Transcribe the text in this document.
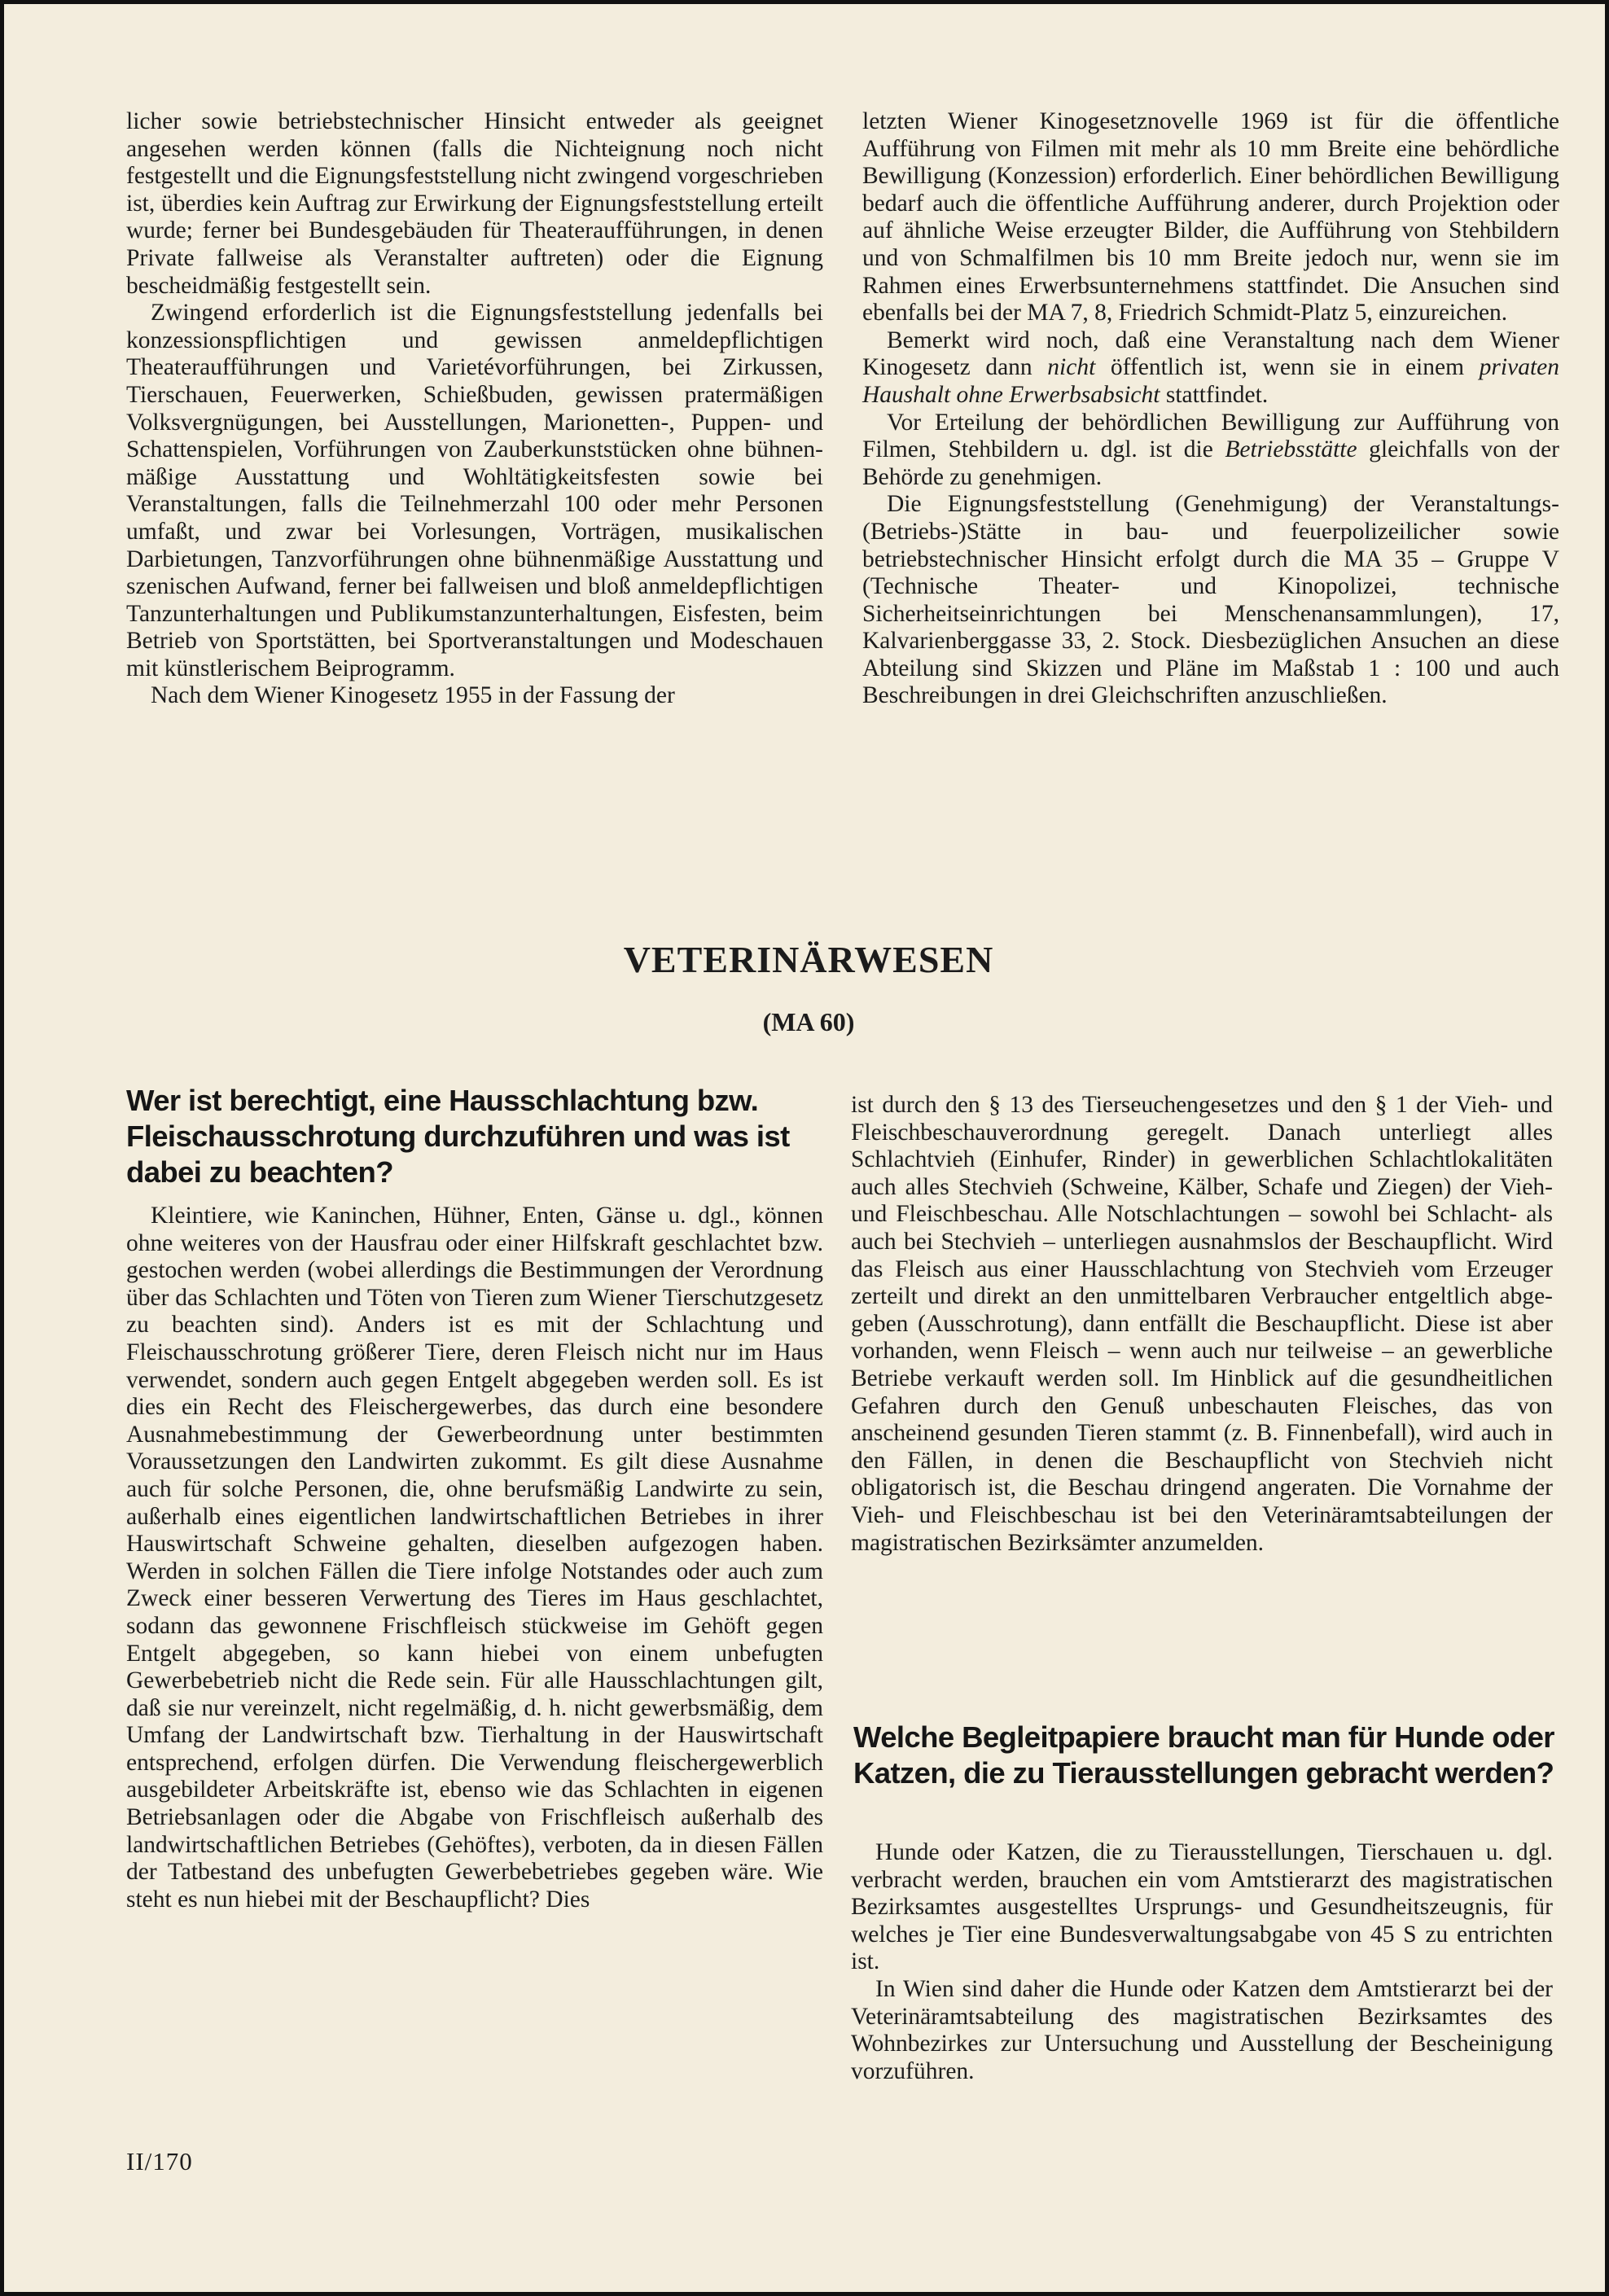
licher sowie betriebstechnischer Hinsicht entweder als geeignet angesehen werden können (falls die Nichteignung noch nicht festgestellt und die Eignungsfeststellung nicht zwingend vorgeschrieben ist, überdies kein Auftrag zur Erwirkung der Eignungsfeststellung erteilt wurde; ferner bei Bundesgebäuden für Theateraufführungen, in denen Private fallweise als Veranstalter auftreten) oder die Eignung bescheidmäßig festgestellt sein.

Zwingend erforderlich ist die Eignungsfeststellung jedenfalls bei konzessionspflichtigen und gewissen anmeldepflichtigen Theateraufführungen und Varietévorführungen, bei Zirkussen, Tierschauen, Feuerwerken, Schießbuden, gewissen pratermäßigen Volksvergnügungen, bei Ausstellungen, Marionetten-, Puppen- und Schattenspielen, Vorführungen von Zauberkunststücken ohne bühnenmäßige Ausstattung und Wohltätigkeitsfesten sowie bei Veranstaltungen, falls die Teilnehmerzahl 100 oder mehr Personen umfaßt, und zwar bei Vorlesungen, Vorträgen, musikalischen Darbietungen, Tanzvorführungen ohne bühnenmäßige Ausstattung und szenischen Aufwand, ferner bei fallweisen und bloß anmeldepflichtigen Tanzunterhaltungen und Publikumstanzunterhaltungen, Eisfesten, beim Betrieb von Sportstätten, bei Sportveranstaltungen und Modeschauen mit künstlerischem Beiprogramm.

Nach dem Wiener Kinogesetz 1955 in der Fassung der

letzten Wiener Kinogesetznovelle 1969 ist für die öffentliche Aufführung von Filmen mit mehr als 10 mm Breite eine behördliche Bewilligung (Konzession) erforderlich. Einer behördlichen Bewilligung bedarf auch die öffentliche Aufführung anderer, durch Projektion oder auf ähnliche Weise erzeugter Bilder, die Aufführung von Stehbildern und von Schmalfilmen bis 10 mm Breite jedoch nur, wenn sie im Rahmen eines Erwerbsunternehmens stattfindet. Die Ansuchen sind ebenfalls bei der MA 7, 8, Friedrich Schmidt-Platz 5, einzureichen.

Bemerkt wird noch, daß eine Veranstaltung nach dem Wiener Kinogesetz dann nicht öffentlich ist, wenn sie in einem privaten Haushalt ohne Erwerbsabsicht stattfindet.

Vor Erteilung der behördlichen Bewilligung zur Aufführung von Filmen, Stehbildern u. dgl. ist die Betriebsstätte gleichfalls von der Behörde zu genehmigen.

Die Eignungsfeststellung (Genehmigung) der Veranstaltungs-(Betriebs-)Stätte in bau- und feuerpolizeilicher sowie betriebstechnischer Hinsicht erfolgt durch die MA 35 – Gruppe V (Technische Theater- und Kinopolizei, technische Sicherheitseinrichtungen bei Menschenansammlungen), 17, Kalvarienberggasse 33, 2. Stock. Diesbezüglichen Ansuchen an diese Abteilung sind Skizzen und Pläne im Maßstab 1 : 100 und auch Beschreibungen in drei Gleichschriften anzuschließen.

VETERINÄRWESEN
(MA 60)
Wer ist berechtigt, eine Hausschlachtung bzw. Fleischausschrotung durchzuführen und was ist dabei zu beachten?

Kleintiere, wie Kaninchen, Hühner, Enten, Gänse u. dgl., können ohne weiteres von der Hausfrau oder einer Hilfskraft geschlachtet bzw. gestochen werden (wobei allerdings die Bestimmungen der Verordnung über das Schlachten und Töten von Tieren zum Wiener Tierschutzgesetz zu beachten sind). Anders ist es mit der Schlachtung und Fleischausschrotung größerer Tiere, deren Fleisch nicht nur im Haus verwendet, sondern auch gegen Entgelt abgegeben werden soll. Es ist dies ein Recht des Fleischergewerbes, das durch eine besondere Ausnahmebestimmung der Gewerbeordnung unter bestimmten Voraussetzungen den Landwirten zukommt. Es gilt diese Ausnahme auch für solche Personen, die, ohne berufsmäßig Landwirte zu sein, außerhalb eines eigentlichen landwirtschaftlichen Betriebes in ihrer Hauswirtschaft Schweine gehalten, dieselben aufgezogen haben. Werden in solchen Fällen die Tiere infolge Notstandes oder auch zum Zweck einer besseren Verwertung des Tieres im Haus geschlachtet, sodann das gewonnene Frischfleisch stückweise im Gehöft gegen Entgelt abgegeben, so kann hiebei von einem unbefugten Gewerbebetrieb nicht die Rede sein. Für alle Hausschlachtungen gilt, daß sie nur vereinzelt, nicht regelmäßig, d. h. nicht gewerbsmäßig, dem Umfang der Landwirtschaft bzw. Tierhaltung in der Hauswirtschaft entsprechend, erfolgen dürfen. Die Verwendung fleischergewerblich ausgebildeter Arbeitskräfte ist, ebenso wie das Schlachten in eigenen Betriebsanlagen oder die Abgabe von Frischfleisch außerhalb des landwirtschaftlichen Betriebes (Gehöftes), verboten, da in diesen Fällen der Tatbestand des unbefugten Gewerbebetriebes gegeben wäre. Wie steht es nun hiebei mit der Beschaupflicht? Dies

ist durch den § 13 des Tierseuchengesetzes und den § 1 der Vieh- und Fleischbeschauverordnung geregelt. Danach unterliegt alles Schlachtvieh (Einhufer, Rinder) in gewerblichen Schlachtlokalitäten auch alles Stechvieh (Schweine, Kälber, Schafe und Ziegen) der Vieh- und Fleischbeschau. Alle Notschlachtungen – sowohl bei Schlacht- als auch bei Stechvieh – unterliegen ausnahmslos der Beschaupflicht. Wird das Fleisch aus einer Hausschlachtung von Stechvieh vom Erzeuger zerteilt und direkt an den unmittelbaren Verbraucher entgeltlich abgegeben (Ausschrotung), dann entfällt die Beschaupflicht. Diese ist aber vorhanden, wenn Fleisch – wenn auch nur teilweise – an gewerbliche Betriebe verkauft werden soll. Im Hinblick auf die gesundheitlichen Gefahren durch den Genuß unbeschauten Fleisches, das von anscheinend gesunden Tieren stammt (z. B. Finnenbefall), wird auch in den Fällen, in denen die Beschaupflicht von Stechvieh nicht obligatorisch ist, die Beschau dringend angeraten. Die Vornahme der Vieh- und Fleischbeschau ist bei den Veterinäramtsabteilungen der magistratischen Bezirksämter anzumelden.

Welche Begleitpapiere braucht man für Hunde oder Katzen, die zu Tierausstellungen gebracht werden?

Hunde oder Katzen, die zu Tierausstellungen, Tierschauen u. dgl. verbracht werden, brauchen ein vom Amtstierarzt des magistratischen Bezirksamtes ausgestelltes Ursprungs- und Gesundheitszeugnis, für welches je Tier eine Bundesverwaltungsabgabe von 45 S zu entrichten ist.

In Wien sind daher die Hunde oder Katzen dem Amtstierarzt bei der Veterinäramtsabteilung des magistratischen Bezirksamtes des Wohnbezirkes zur Untersuchung und Ausstellung der Bescheinigung vorzuführen.

II/170
